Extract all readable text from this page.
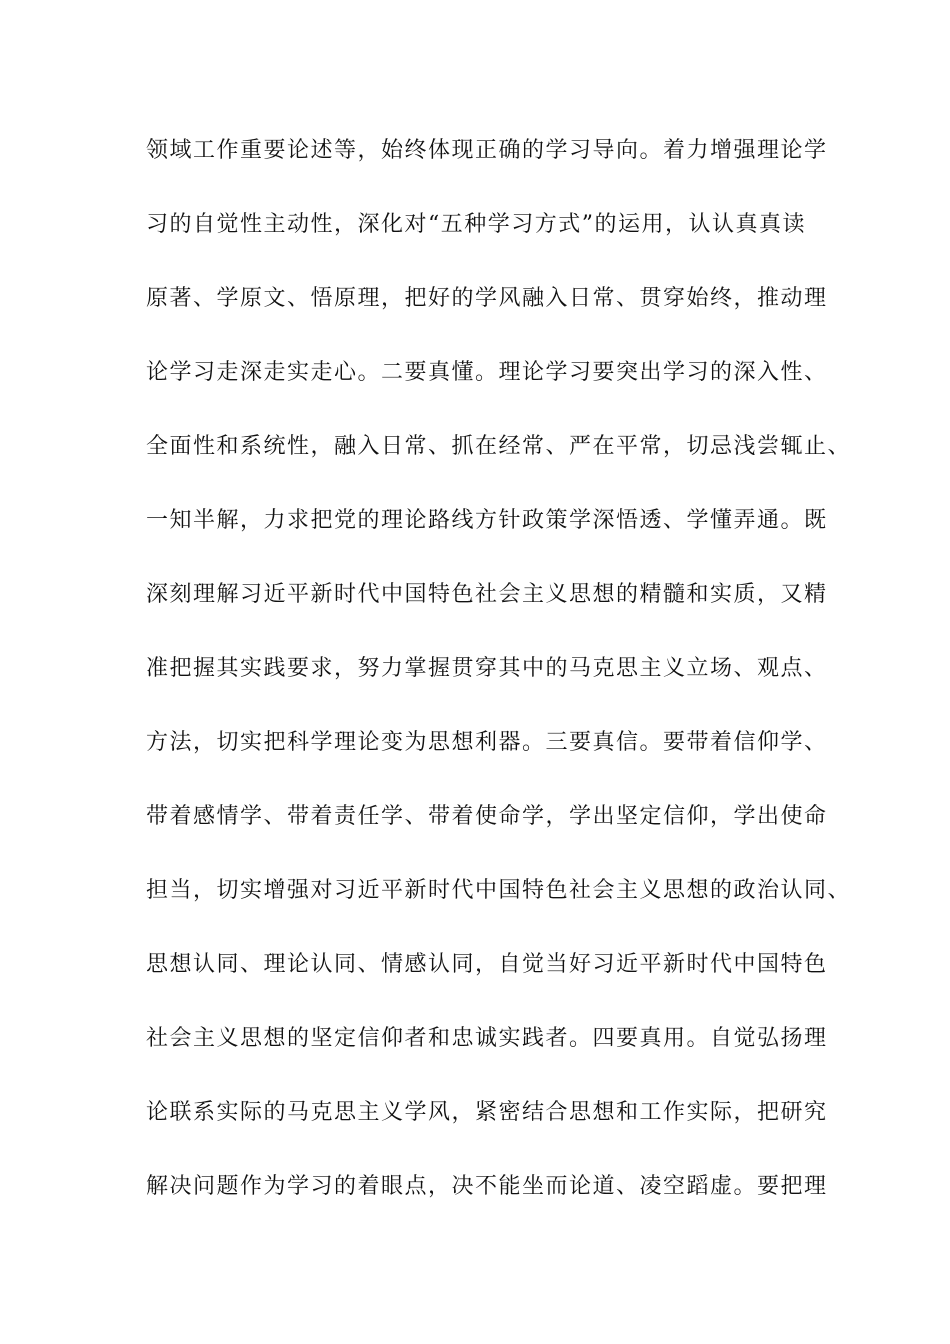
领域工作重要论述等，始终体现正确的学习导向。着力增强理论学
习的自觉性主动性，深化对“五种学习方式”的运用，认认真真读
原著、学原文、悟原理，把好的学风融入日常、贯穿始终，推动理
论学习走深走实走心。二要真懂。理论学习要突出学习的深入性、
全面性和系统性，融入日常、抓在经常、严在平常，切忌浅尝辄止、
一知半解，力求把党的理论路线方针政策学深悟透、学懂弄通。既
深刻理解习近平新时代中国特色社会主义思想的精髓和实质，又精
准把握其实践要求，努力掌握贯穿其中的马克思主义立场、观点、
方法，切实把科学理论变为思想利器。三要真信。要带着信仰学、
带着感情学、带着责任学、带着使命学，学出坚定信仰，学出使命
担当，切实增强对习近平新时代中国特色社会主义思想的政治认同、
思想认同、理论认同、情感认同，自觉当好习近平新时代中国特色
社会主义思想的坚定信仰者和忠诚实践者。四要真用。自觉弘扬理
论联系实际的马克思主义学风，紧密结合思想和工作实际，把研究
解决问题作为学习的着眼点，决不能坐而论道、凌空蹈虚。要把理
